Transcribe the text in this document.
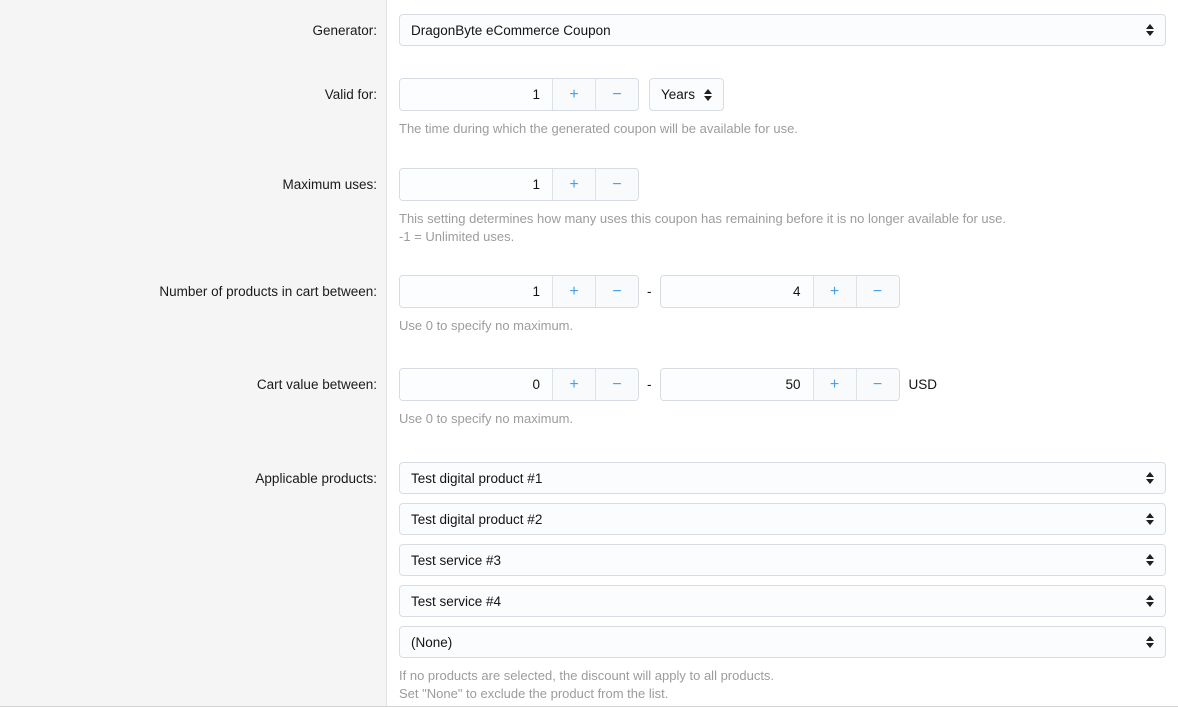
Generator:	DragonByte eCommerce Coupon
Valid for:
1	+	−	Years
The time during which the generated coupon will be available for use.
Maximum uses:
1	+	−
This setting determines how many uses this coupon has remaining before it is no longer available for use.
-1 = Unlimited uses.
Number of products in cart between:
1	+	−	-
4	+	−
Use 0 to specify no maximum.
Cart value between:
0	+	−	-
50	+	−	USD
Use 0 to specify no maximum.
Applicable products:	Test digital product #1
Test digital product #2
Test service #3
Test service #4
(None)
If no products are selected, the discount will apply to all products.
Set "None" to exclude the product from the list.
